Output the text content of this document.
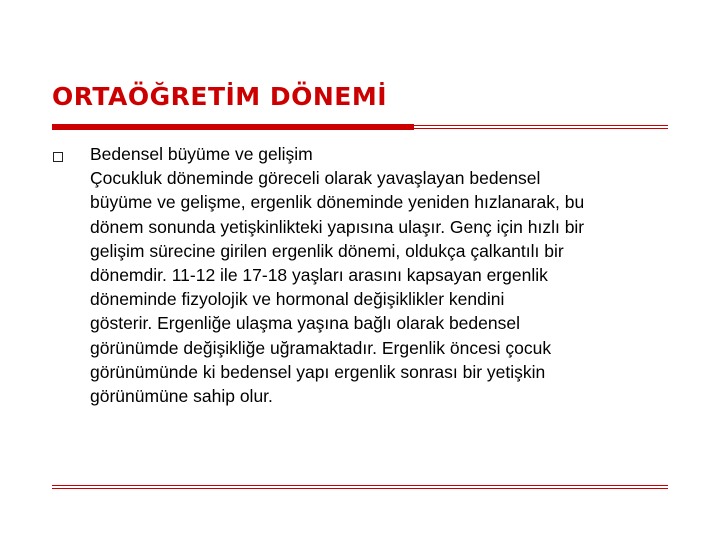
ORTAÖĞRETİM DÖNEMİ
Bedensel büyüme ve gelişim
Çocukluk döneminde göreceli olarak yavaşlayan bedensel
büyüme ve gelişme, ergenlik döneminde yeniden hızlanarak, bu
dönem sonunda yetişkinlikteki yapısına ulaşır. Genç için hızlı bir
gelişim sürecine girilen ergenlik dönemi, oldukça çalkantılı bir
dönemdir. 11-12 ile 17-18 yaşları arasını kapsayan ergenlik
döneminde fizyolojik ve hormonal değişiklikler kendini
gösterir. Ergenliğe ulaşma yaşına bağlı olarak bedensel
görünümde değişikliğe uğramaktadır. Ergenlik öncesi çocuk
görünümünde ki bedensel yapı ergenlik sonrası bir yetişkin
görünümüne sahip olur.
